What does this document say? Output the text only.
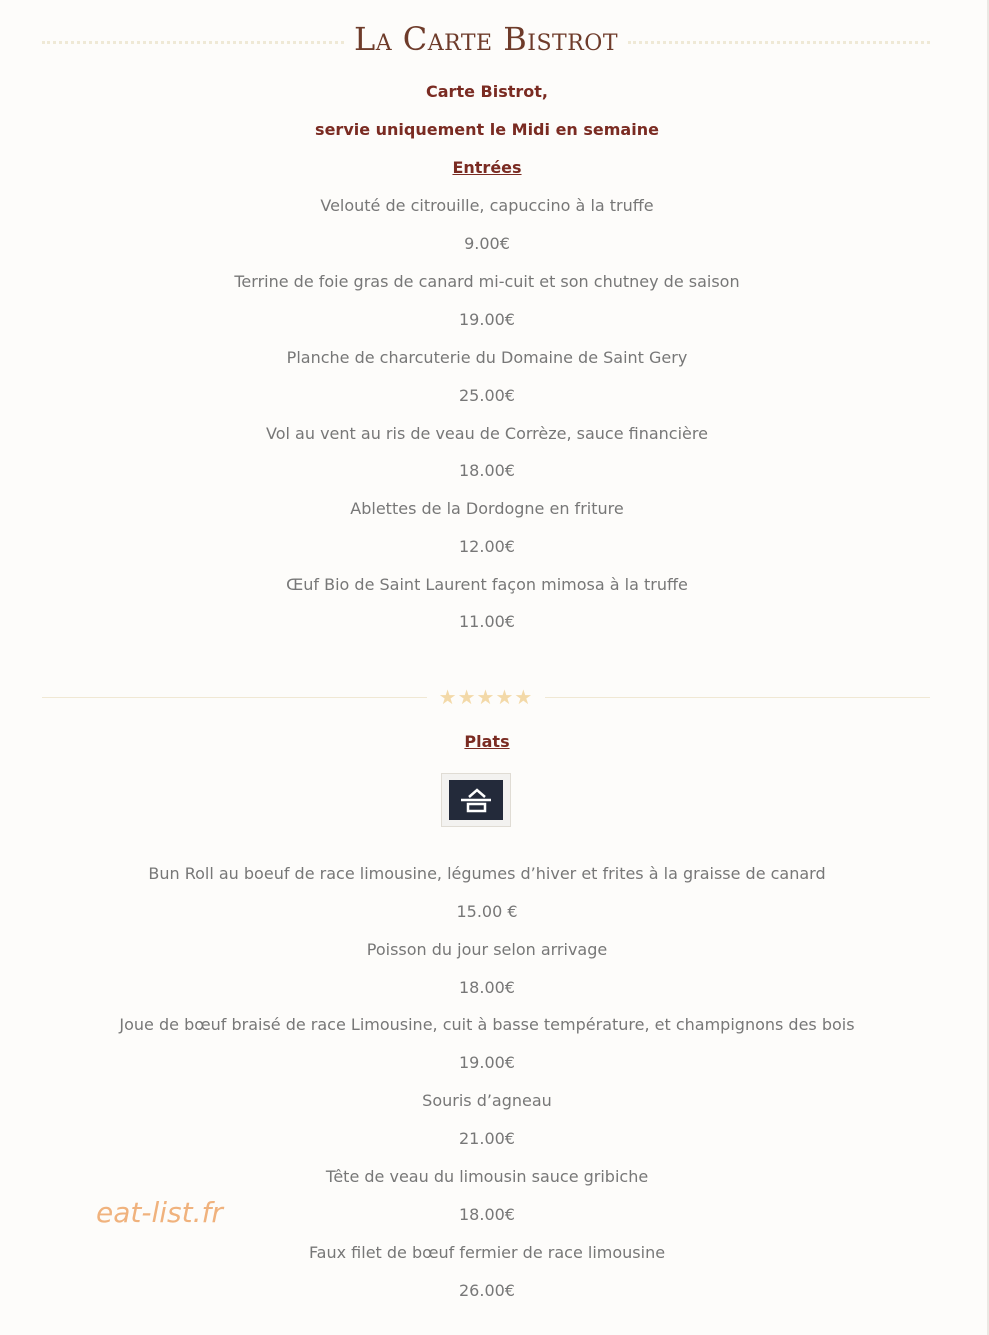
La Carte Bistrot
Carte Bistrot,
servie uniquement le Midi en semaine
Entrées
Velouté de citrouille, capuccino à la truffe
9.00€
Terrine de foie gras de canard mi-cuit et son chutney de saison
19.00€
Planche de charcuterie du Domaine de Saint Gery
25.00€
Vol au vent au ris de veau de Corrèze, sauce financière
18.00€
Ablettes de la Dordogne en friture
12.00€
Œuf Bio de Saint Laurent façon mimosa à la truffe
11.00€
★★★★★
Plats
Bun Roll au boeuf de race limousine, légumes d’hiver et frites à la graisse de canard
15.00 €
Poisson du jour selon arrivage
18.00€
Joue de bœuf braisé de race Limousine, cuit à basse température, et champignons des bois
19.00€
Souris d’agneau
21.00€
Tête de veau du limousin sauce gribiche
18.00€
Faux filet de bœuf fermier de race limousine
26.00€
eat-list.fr
